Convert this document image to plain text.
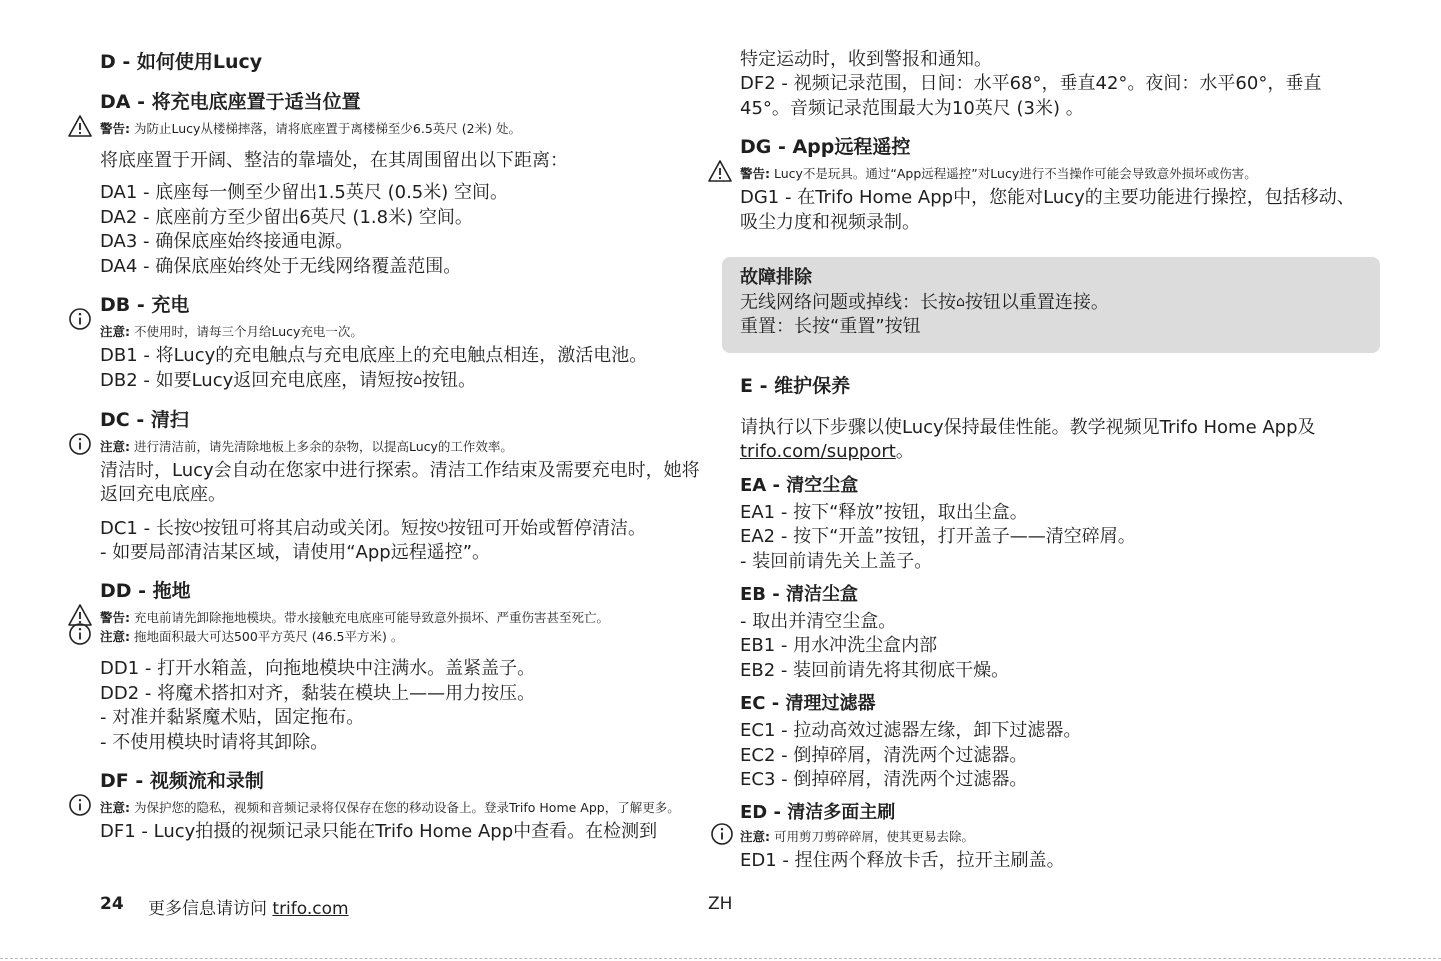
D - 如何使用Lucy
DA - 将充电底座置于适当位置
警告: 为防止Lucy从楼梯摔落，请将底座置于离楼梯至少6.5英尺 (2米) 处。

将底座置于开阔、整洁的靠墙处，在其周围留出以下距离：

DA1 - 底座每一侧至少留出1.5英尺 (0.5米) 空间。

DA2 - 底座前方至少留出6英尺 (1.8米) 空间。

DA3 - 确保底座始终接通电源。

DA4 - 确保底座始终处于无线网络覆盖范围。

DB - 充电
注意: 不使用时，请每三个月给Lucy充电一次。

DB1 - 将Lucy的充电触点与充电底座上的充电触点相连，激活电池。

DB2 - 如要Lucy返回充电底座，请短按⌂按钮。

DC - 清扫
注意: 进行清洁前，请先清除地板上多余的杂物，以提高Lucy的工作效率。

清洁时，Lucy会自动在您家中进行探索。清洁工作结束及需要充电时，她将返回充电底座。

DC1 - 长按⏻按钮可将其启动或关闭。短按⏻按钮可开始或暂停清洁。

- 如要局部清洁某区域，请使用“App远程遥控”。

DD - 拖地
警告: 充电前请先卸除拖地模块。带水接触充电底座可能导致意外损坏、严重伤害甚至死亡。
注意: 拖地面积最大可达500平方英尺 (46.5平方米) 。

DD1 - 打开水箱盖，向拖地模块中注满水。盖紧盖子。

DD2 - 将魔术搭扣对齐，黏装在模块上——用力按压。

- 对准并黏紧魔术贴，固定拖布。

- 不使用模块时请将其卸除。

DF - 视频流和录制
注意: 为保护您的隐私，视频和音频记录将仅保存在您的移动设备上。登录Trifo Home App，了解更多。

DF1 - Lucy拍摄的视频记录只能在Trifo Home App中查看。在检测到

特定运动时，收到警报和通知。

DF2 - 视频记录范围，日间：水平68°，垂直42°。夜间：水平60°，垂直45°。音频记录范围最大为10英尺 (3米) 。

DG - App远程遥控
警告: Lucy不是玩具。通过“App远程遥控”对Lucy进行不当操作可能会导致意外损坏或伤害。

DG1 - 在Trifo Home App中，您能对Lucy的主要功能进行操控，包括移动、吸尘力度和视频录制。

故障排除

无线网络问题或掉线：长按⌂按钮以重置连接。

重置：长按“重置”按钮

E - 维护保养

请执行以下步骤以使Lucy保持最佳性能。教学视频见Trifo Home App及trifo.com/support。

EA - 清空尘盒

EA1 - 按下“释放”按钮，取出尘盒。

EA2 - 按下“开盖”按钮，打开盖子——清空碎屑。

- 装回前请先关上盖子。

EB - 清洁尘盒

- 取出并清空尘盒。

EB1 - 用水冲洗尘盒内部

EB2 - 装回前请先将其彻底干燥。

EC - 清理过滤器

EC1 - 拉动高效过滤器左缘，卸下过滤器。

EC2 - 倒掉碎屑，清洗两个过滤器。

EC3 - 倒掉碎屑，清洗两个过滤器。

ED - 清洁多面主刷
注意: 可用剪刀剪碎碎屑，使其更易去除。

ED1 - 捏住两个释放卡舌，拉开主刷盖。

24 更多信息请访问 trifo.com	ZH
